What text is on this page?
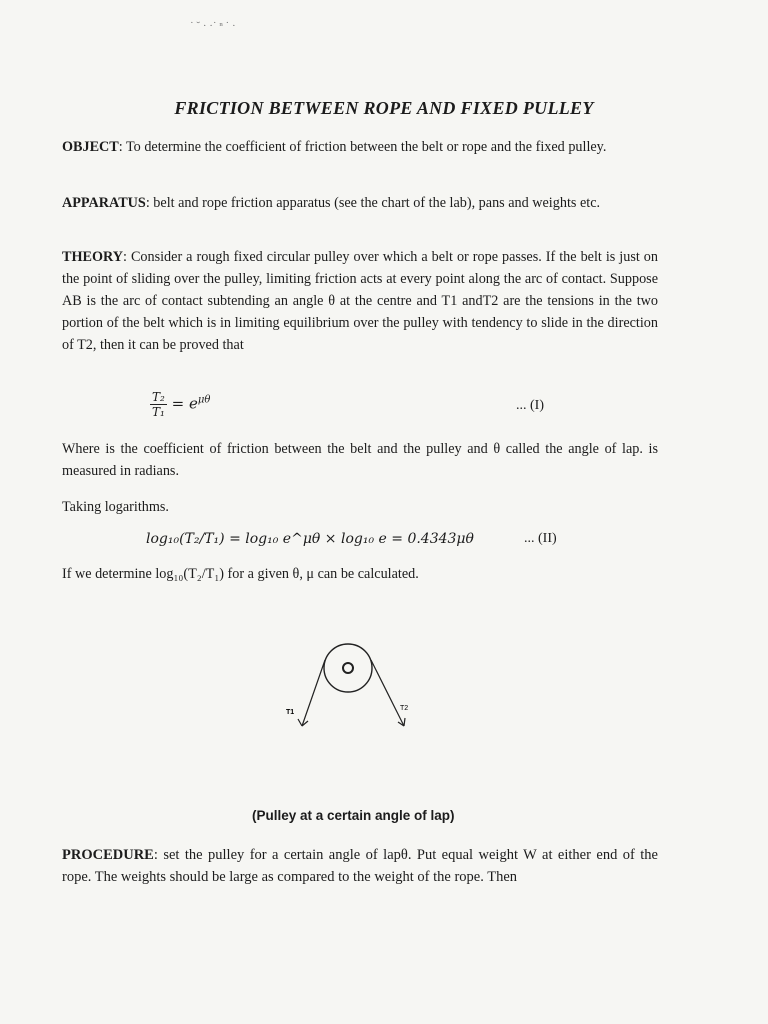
˙ ˘ · ·˙ ⁿ ˙ ·
FRICTION BETWEEN ROPE AND FIXED PULLEY
OBJECT: To determine the coefficient of friction between the belt or rope and the fixed pulley.
APPARATUS: belt and rope friction apparatus (see the chart of the lab), pans and weights etc.
THEORY: Consider a rough fixed circular pulley over which a belt or rope passes. If the belt is just on the point of sliding over the pulley, limiting friction acts at every point along the arc of contact. Suppose AB is the arc of contact subtending an angle θ at the centre and T1 andT2 are the tensions in the two portion of the belt which is in limiting equilibrium over the pulley with tendency to slide in the direction of T2, then it can be proved that
$\frac{\text{T₂}}{\text{T₁}} = e^{\mu\theta}$	... (I)
Where is the coefficient of friction between the belt and the pulley and θ called the angle of lap. is measured in radians.
Taking logarithms.
log₁₀(T₂/T₁) = log₁₀ e^μθ × log₁₀ e = 0.4343μθ	... (II)
If we determine log₁₀(T₂/T₁) for a given θ, μ can be calculated.
T1
T2
(Pulley at a certain angle of lap)
PROCEDURE: set the pulley for a certain angle of lapθ. Put equal weight W at either end of the rope. The weights should be large as compared to the weight of the rope. Then
